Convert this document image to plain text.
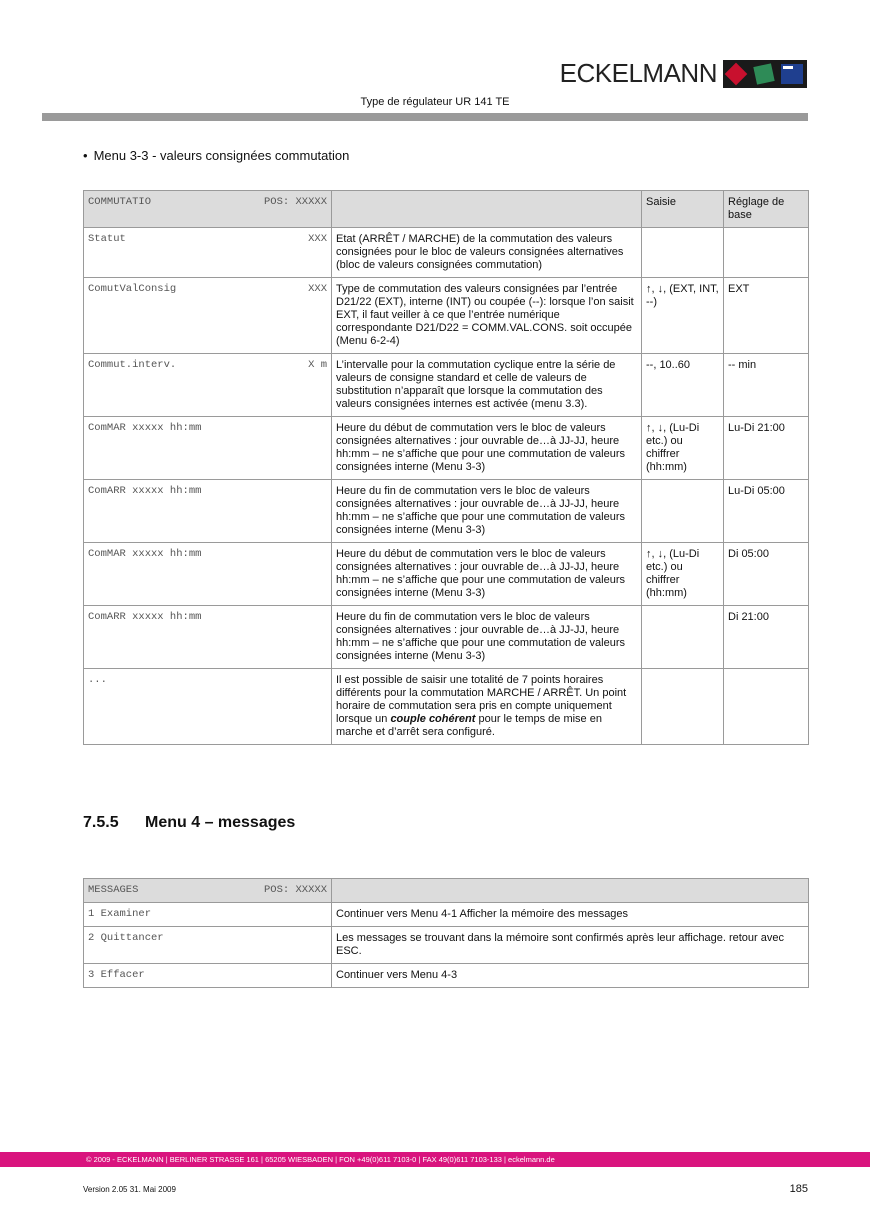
ECKELMANN
Type de régulateur UR 141 TE
• Menu 3-3 - valeurs consignées commutation
COMMUTATIO POS: XXXXX		Saisie	Réglage de base

Statut XXX	Etat (ARRÊT / MARCHE) de la commutation des valeurs consignées pour le bloc de valeurs consignées alternatives (bloc de valeurs consignées commutation)		

ComutValConsig XXX	Type de commutation des valeurs consignées par l’entrée D21/22 (EXT), interne (INT) ou coupée (--): lorsque l’on saisit EXT, il faut veiller à ce que l’entrée numérique correspondante D21/D22 = COMM.VAL.CONS. soit occupée (Menu 6-2-4)	↑, ↓, (EXT, INT, --)	EXT

Commut.interv. X m	L’intervalle pour la commutation cyclique entre la série de valeurs de consigne standard et celle de valeurs de substitution n’apparaît que lorsque la commutation des valeurs consignées internes est activée (menu 3.3).	--, 10..60	-- min

ComMAR xxxxx hh:mm	Heure du début de commutation vers le bloc de valeurs consignées alternatives : jour ouvrable de…à JJ-JJ, heure hh:mm – ne s’affiche que pour une commutation de valeurs consignées interne (Menu 3-3)	↑, ↓, (Lu-Di etc.) ou chiffrer (hh:mm)	Lu-Di 21:00

ComARR xxxxx hh:mm	Heure du fin de commutation vers le bloc de valeurs consignées alternatives : jour ouvrable de…à JJ-JJ, heure hh:mm – ne s’affiche que pour une commutation de valeurs consignées interne (Menu 3-3)		Lu-Di 05:00

ComMAR xxxxx hh:mm	Heure du début de commutation vers le bloc de valeurs consignées alternatives : jour ouvrable de…à JJ-JJ, heure hh:mm – ne s’affiche que pour une commutation de valeurs consignées interne (Menu 3-3)	↑, ↓, (Lu-Di etc.) ou chiffrer (hh:mm)	Di 05:00

ComARR xxxxx hh:mm	Heure du fin de commutation vers le bloc de valeurs consignées alternatives : jour ouvrable de…à JJ-JJ, heure hh:mm – ne s’affiche que pour une commutation de valeurs consignées interne (Menu 3-3)		Di 21:00

...	Il est possible de saisir une totalité de 7 points horaires différents pour la commutation MARCHE / ARRÊT. Un point horaire de commutation sera pris en compte uniquement lorsque un couple cohérent pour le temps de mise en marche et d’arrêt sera configuré.		
7.5.5 Menu 4 – messages
MESSAGES POS: XXXXX	

1 Examiner	Continuer vers Menu 4-1 Afficher la mémoire des messages

2 Quittancer	Les messages se trouvant dans la mémoire sont confirmés après leur affichage. retour avec ESC.

3 Effacer	Continuer vers Menu 4-3
© 2009 - ECKELMANN | BERLINER STRASSE 161 | 65205 WIESBADEN | FON +49(0)611 7103-0 | FAX 49(0)611 7103-133 | eckelmann.de
Version 2.05 31. Mai 2009	185
